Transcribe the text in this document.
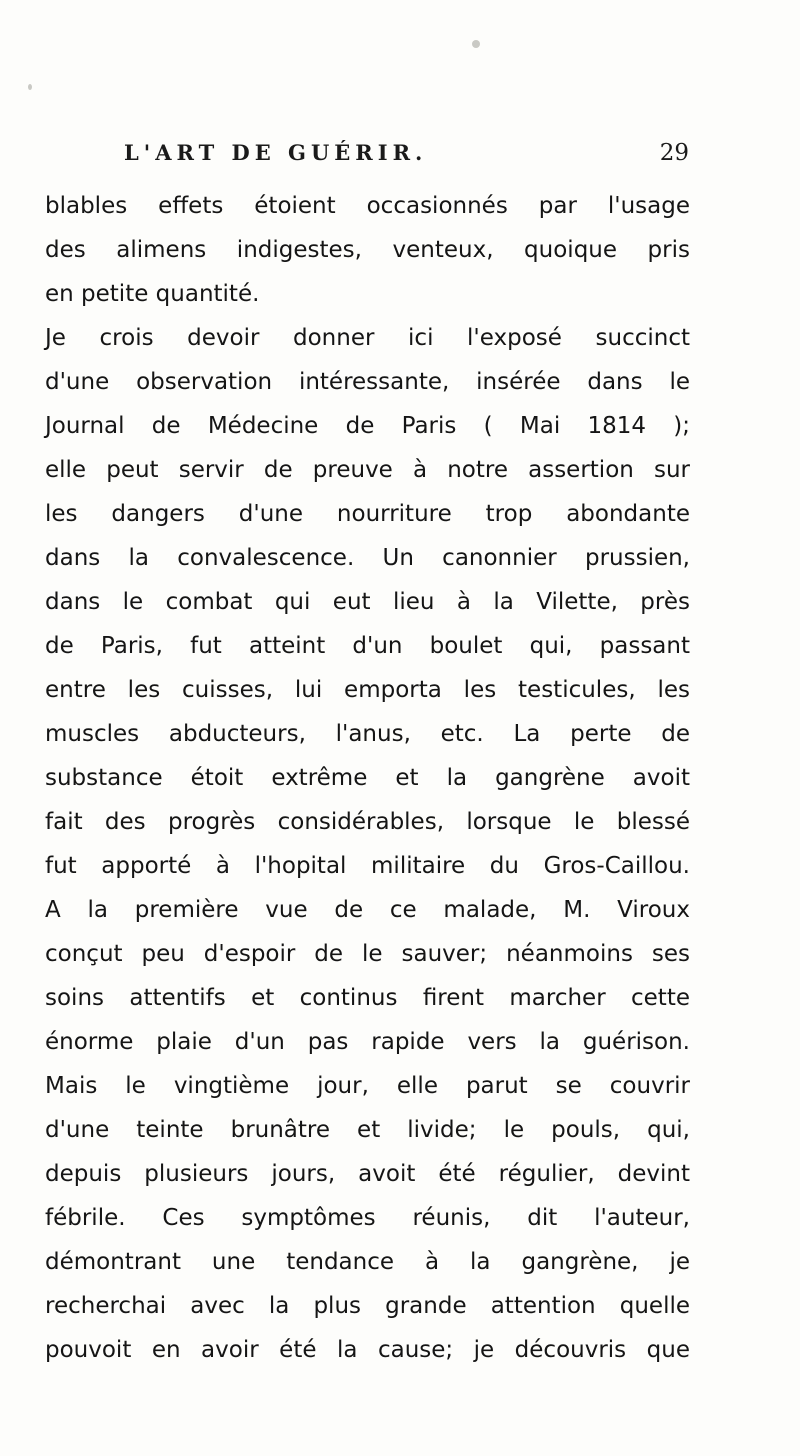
L'ART DE GUÉRIR.	29
blables effets étoient occasionnés par l'usage
des alimens indigestes, venteux, quoique pris
en petite quantité.
Je crois devoir donner ici l'exposé succinct
d'une observation intéressante, insérée dans le
Journal de Médecine de Paris ( Mai 1814 );
elle peut servir de preuve à notre assertion sur
les dangers d'une nourriture trop abondante
dans la convalescence. Un canonnier prussien,
dans le combat qui eut lieu à la Vilette, près
de Paris, fut atteint d'un boulet qui, passant
entre les cuisses, lui emporta les testicules, les
muscles abducteurs, l'anus, etc. La perte de
substance étoit extrême et la gangrène avoit
fait des progrès considérables, lorsque le blessé
fut apporté à l'hopital militaire du Gros-Caillou.
A la première vue de ce malade, M. Viroux
conçut peu d'espoir de le sauver; néanmoins ses
soins attentifs et continus firent marcher cette
énorme plaie d'un pas rapide vers la guérison.
Mais le vingtième jour, elle parut se couvrir
d'une teinte brunâtre et livide; le pouls, qui,
depuis plusieurs jours, avoit été régulier, devint
fébrile. Ces symptômes réunis, dit l'auteur,
démontrant une tendance à la gangrène, je
recherchai avec la plus grande attention quelle
pouvoit en avoir été la cause; je découvris que
